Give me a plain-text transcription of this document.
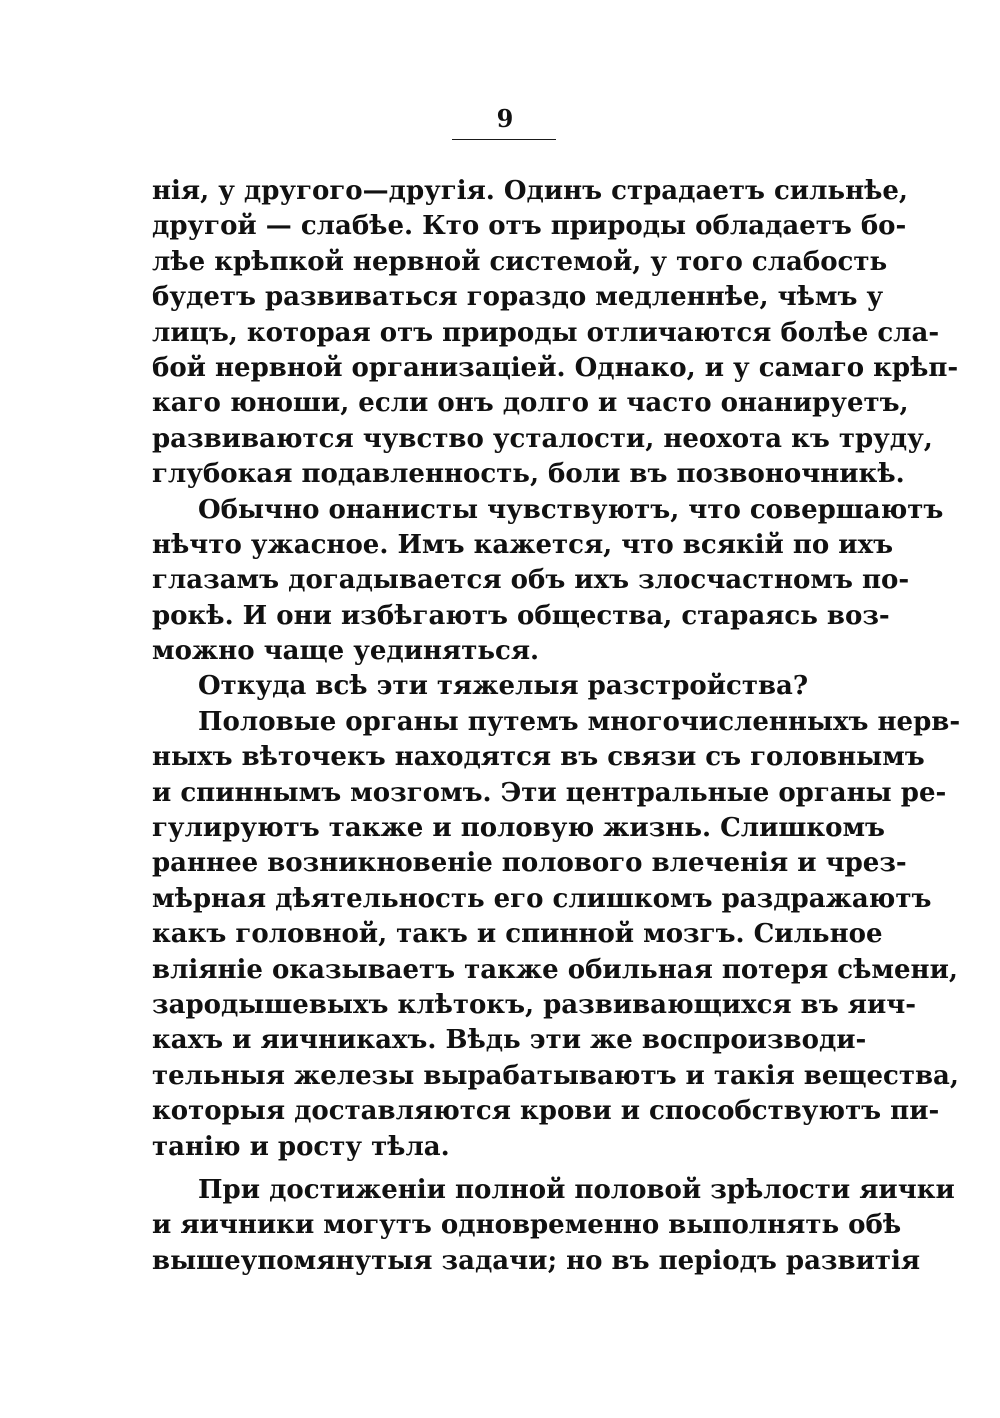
9
нія, у другого—другія. Одинъ страдаетъ сильнѣе,
другой — слабѣе. Кто отъ природы обладаетъ бо-
лѣе крѣпкой нервной системой, у того слабость
будетъ развиваться гораздо медленнѣе, чѣмъ у
лицъ, которая отъ природы отличаются болѣе сла-
бой нервной организаціей. Однако, и у самаго крѣп-
каго юноши, если онъ долго и часто онанируетъ,
развиваются чувство усталости, неохота къ труду,
глубокая подавленность, боли въ позвоночникѣ.
Обычно онанисты чувствуютъ, что совершаютъ
нѣчто ужасное. Имъ кажется, что всякій по ихъ
глазамъ догадывается объ ихъ злосчастномъ по-
рокѣ. И они избѣгаютъ общества, стараясь воз-
можно чаще уединяться.
Откуда всѣ эти тяжелыя разстройства?
Половые органы путемъ многочисленныхъ нерв-
ныхъ вѣточекъ находятся въ связи съ головнымъ
и спиннымъ мозгомъ. Эти центральные органы ре-
гулируютъ также и половую жизнь. Слишкомъ
раннее возникновеніе полового влеченія и чрез-
мѣрная дѣятельность его слишкомъ раздражаютъ
какъ головной, такъ и спинной мозгъ. Сильное
вліяніе оказываетъ также обильная потеря сѣмени,
зародышевыхъ клѣтокъ, развивающихся въ яич-
кахъ и яичникахъ. Вѣдь эти же воспроизводи-
тельныя железы вырабатываютъ и такія вещества,
которыя доставляются крови и способствуютъ пи-
танію и росту тѣла.
При достиженіи полной половой зрѣлости яички
и яичники могутъ одновременно выполнять обѣ
вышеупомянутыя задачи; но въ періодъ развитія
